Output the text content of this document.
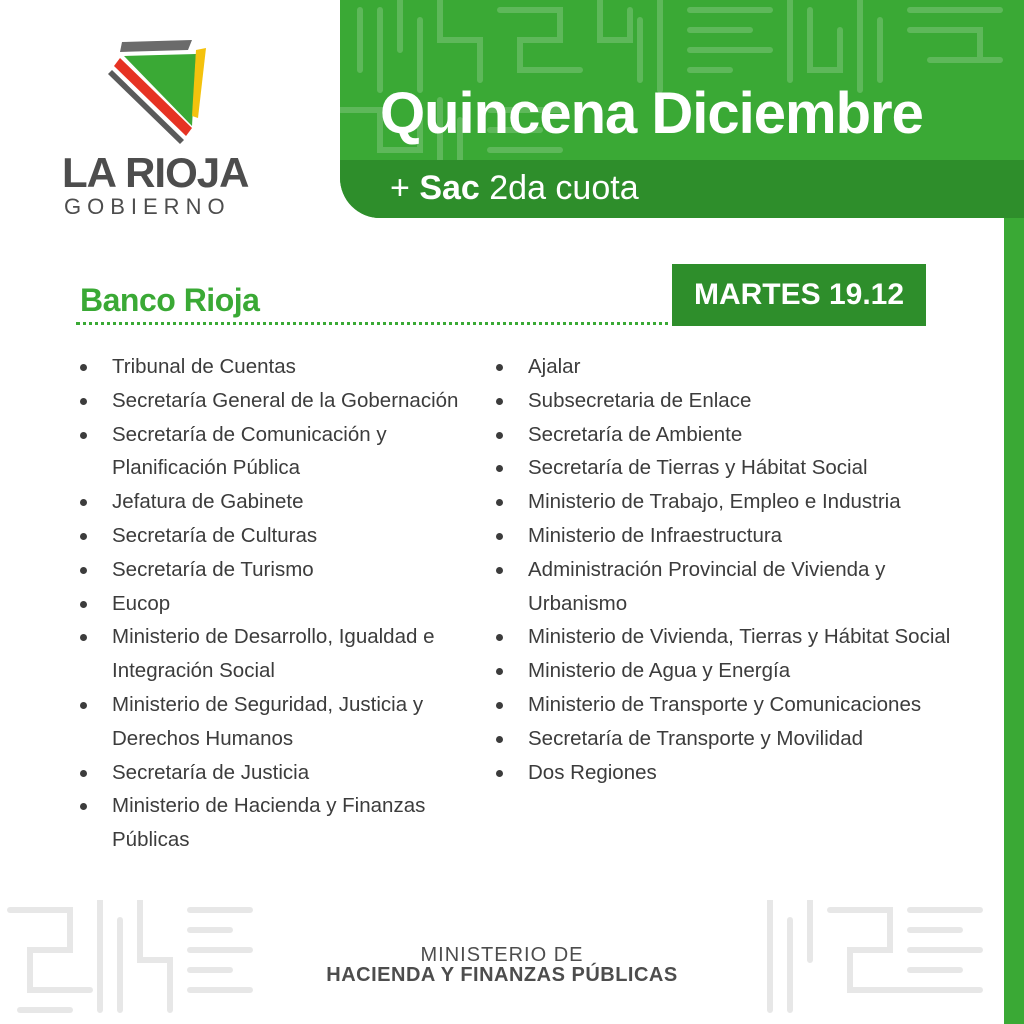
Quincena Diciembre
+ Sac 2da cuota
LA RIOJA
GOBIERNO
Banco Rioja	MARTES 19.12
Tribunal de Cuentas
Secretaría General de la Gobernación
Secretaría de Comunicación y Planificación Pública
Jefatura de Gabinete
Secretaría de Culturas
Secretaría de Turismo
Eucop
Ministerio de Desarrollo, Igualdad e Integración Social
Ministerio de Seguridad, Justicia y Derechos Humanos
Secretaría de Justicia
Ministerio de Hacienda y Finanzas Públicas
Ajalar
Subsecretaria de Enlace
Secretaría de Ambiente
Secretaría de Tierras y Hábitat Social
Ministerio de Trabajo, Empleo e Industria
Ministerio de Infraestructura
Administración Provincial de Vivienda y Urbanismo
Ministerio de Vivienda, Tierras y Hábitat Social
Ministerio de Agua y Energía
Ministerio de Transporte y Comunicaciones
Secretaría de Transporte y Movilidad
Dos Regiones
MINISTERIO DE
HACIENDA Y FINANZAS PÚBLICAS
